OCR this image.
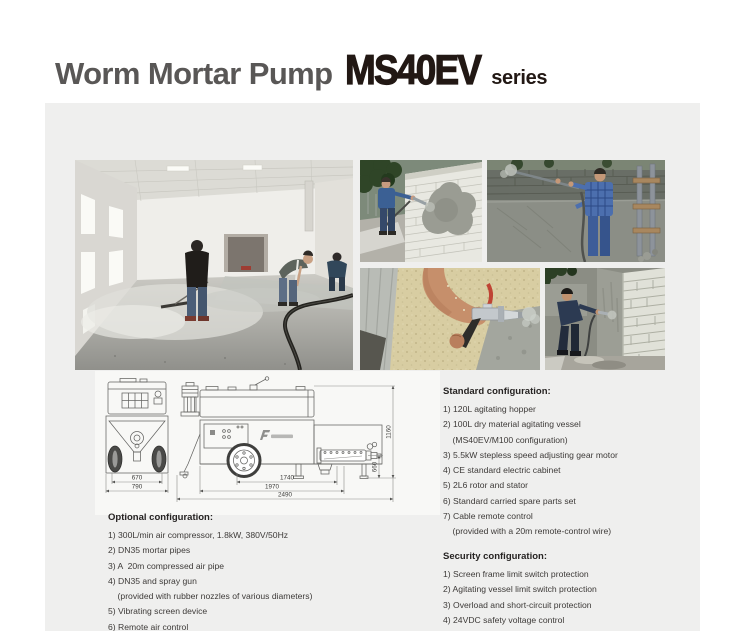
Worm Mortar Pump MS40EV series
670
790
1740
1970
2490
660
1160
Optional configuration:
1) 300L/min air compressor, 1.8kW, 380V/50Hz
2) DN35 mortar pipes
3) A  20m compressed air pipe
4) DN35 and spray gun
(provided with rubber nozzles of various diameters)
5) Vibrating screen device
6) Remote air control
Standard configuration:
1) 120L agitating hopper
2) 100L dry material agitating vessel
(MS40EV/M100 configuration)
3) 5.5kW stepless speed adjusting gear motor
4) CE standard electric cabinet
5) 2L6 rotor and stator
6) Standard carried spare parts set
7) Cable remote control
(provided with a 20m remote-control wire)
Security configuration:
1) Screen frame limit switch protection
2) Agitating vessel limit switch protection
3) Overload and short-circuit protection
4) 24VDC safety voltage control
